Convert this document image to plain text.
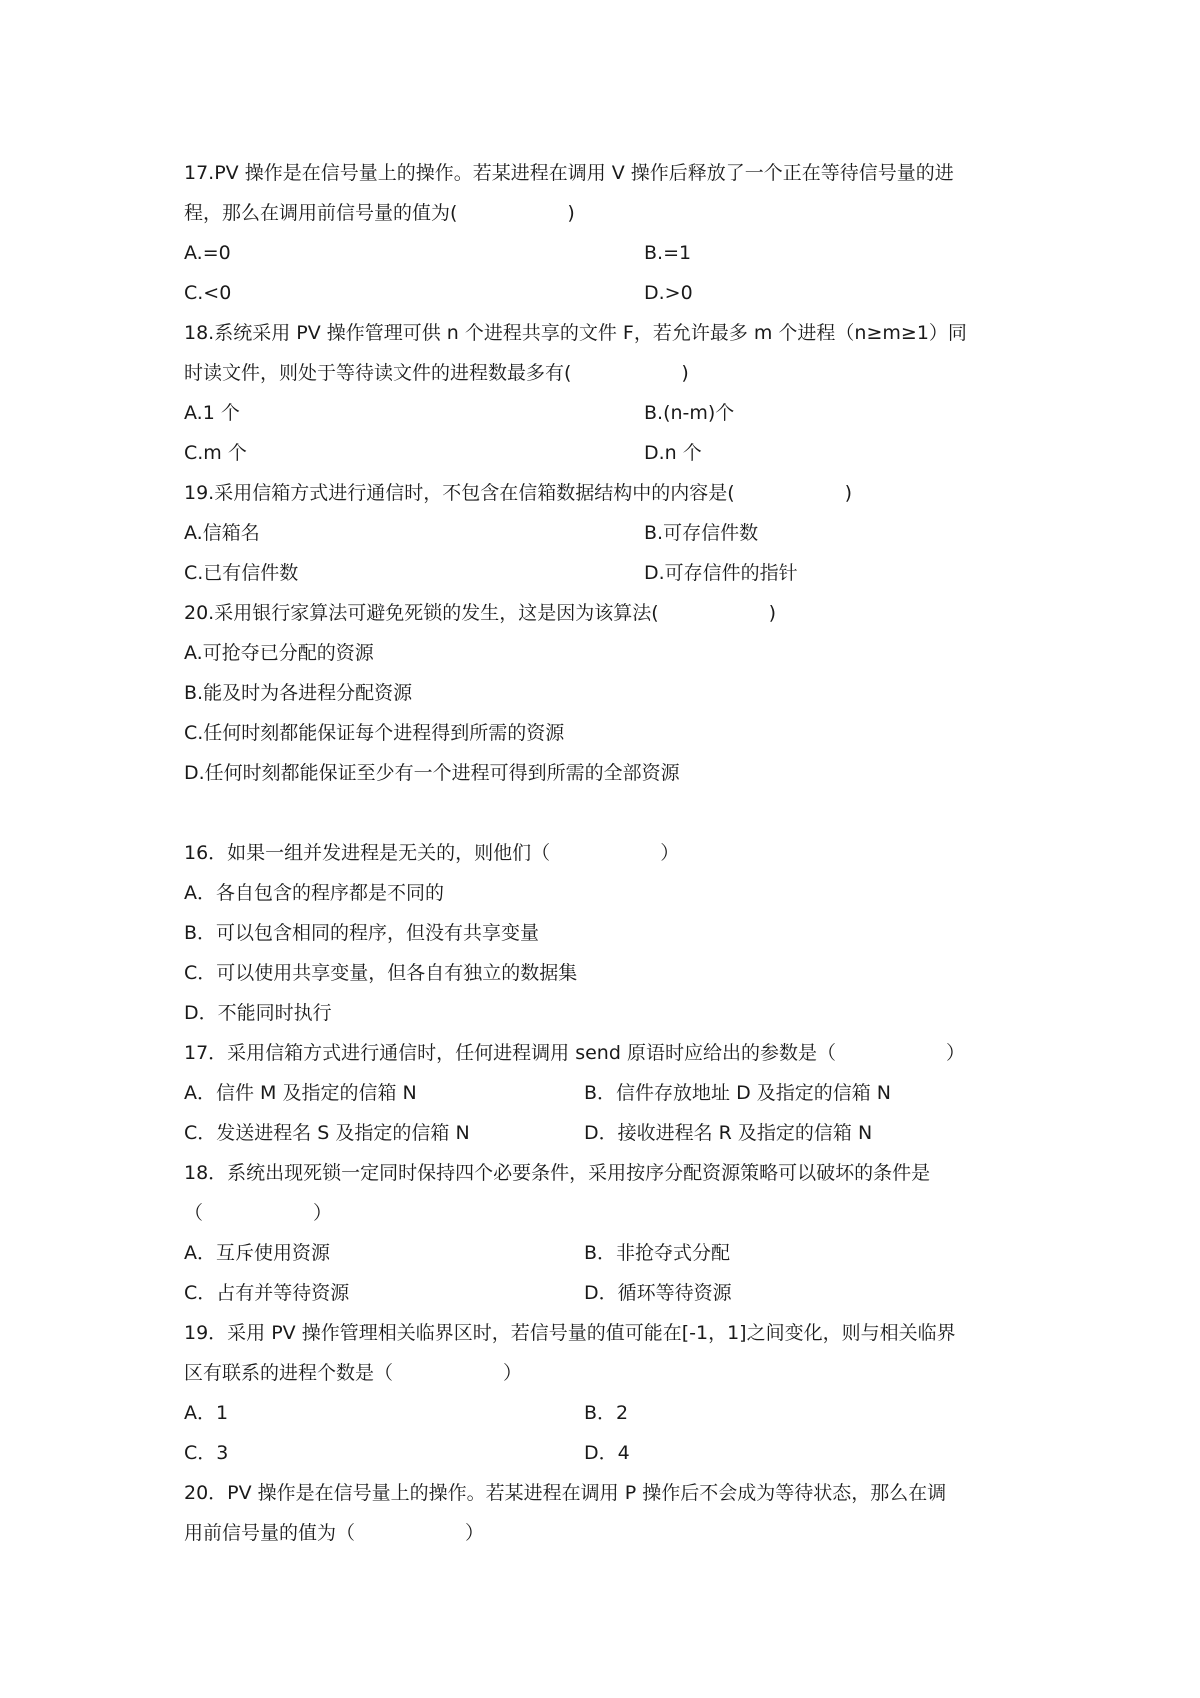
17.PV 操作是在信号量上的操作。若某进程在调用 V 操作后释放了一个正在等待信号量的进
程，那么在调用前信号量的值为(	)
A.=0	B.=1
C.<0	D.>0
18.系统采用 PV 操作管理可供 n 个进程共享的文件 F，若允许最多 m 个进程（n≥m≥1）同
时读文件，则处于等待读文件的进程数最多有(	)
A.1 个	B.(n-m)个
C.m 个	D.n 个
19.采用信箱方式进行通信时，不包含在信箱数据结构中的内容是(	)
A.信箱名	B.可存信件数
C.已有信件数	D.可存信件的指针
20.采用银行家算法可避免死锁的发生，这是因为该算法(	)
A.可抢夺已分配的资源
B.能及时为各进程分配资源
C.任何时刻都能保证每个进程得到所需的资源
D.任何时刻都能保证至少有一个进程可得到所需的全部资源
16．如果一组并发进程是无关的，则他们（	）
A．各自包含的程序都是不同的
B．可以包含相同的程序，但没有共享变量
C．可以使用共享变量，但各自有独立的数据集
D．不能同时执行
17．采用信箱方式进行通信时，任何进程调用 send 原语时应给出的参数是（	）
A．信件 M 及指定的信箱 N	B．信件存放地址 D 及指定的信箱 N
C．发送进程名 S 及指定的信箱 N	D．接收进程名 R 及指定的信箱 N
18．系统出现死锁一定同时保持四个必要条件，采用按序分配资源策略可以破坏的条件是
（	）
A．互斥使用资源	B．非抢夺式分配
C．占有并等待资源	D．循环等待资源
19．采用 PV 操作管理相关临界区时，若信号量的值可能在[-1，1]之间变化，则与相关临界
区有联系的进程个数是（	）
A．1	B．2
C．3	D．4
20．PV 操作是在信号量上的操作。若某进程在调用 P 操作后不会成为等待状态，那么在调
用前信号量的值为（	）
